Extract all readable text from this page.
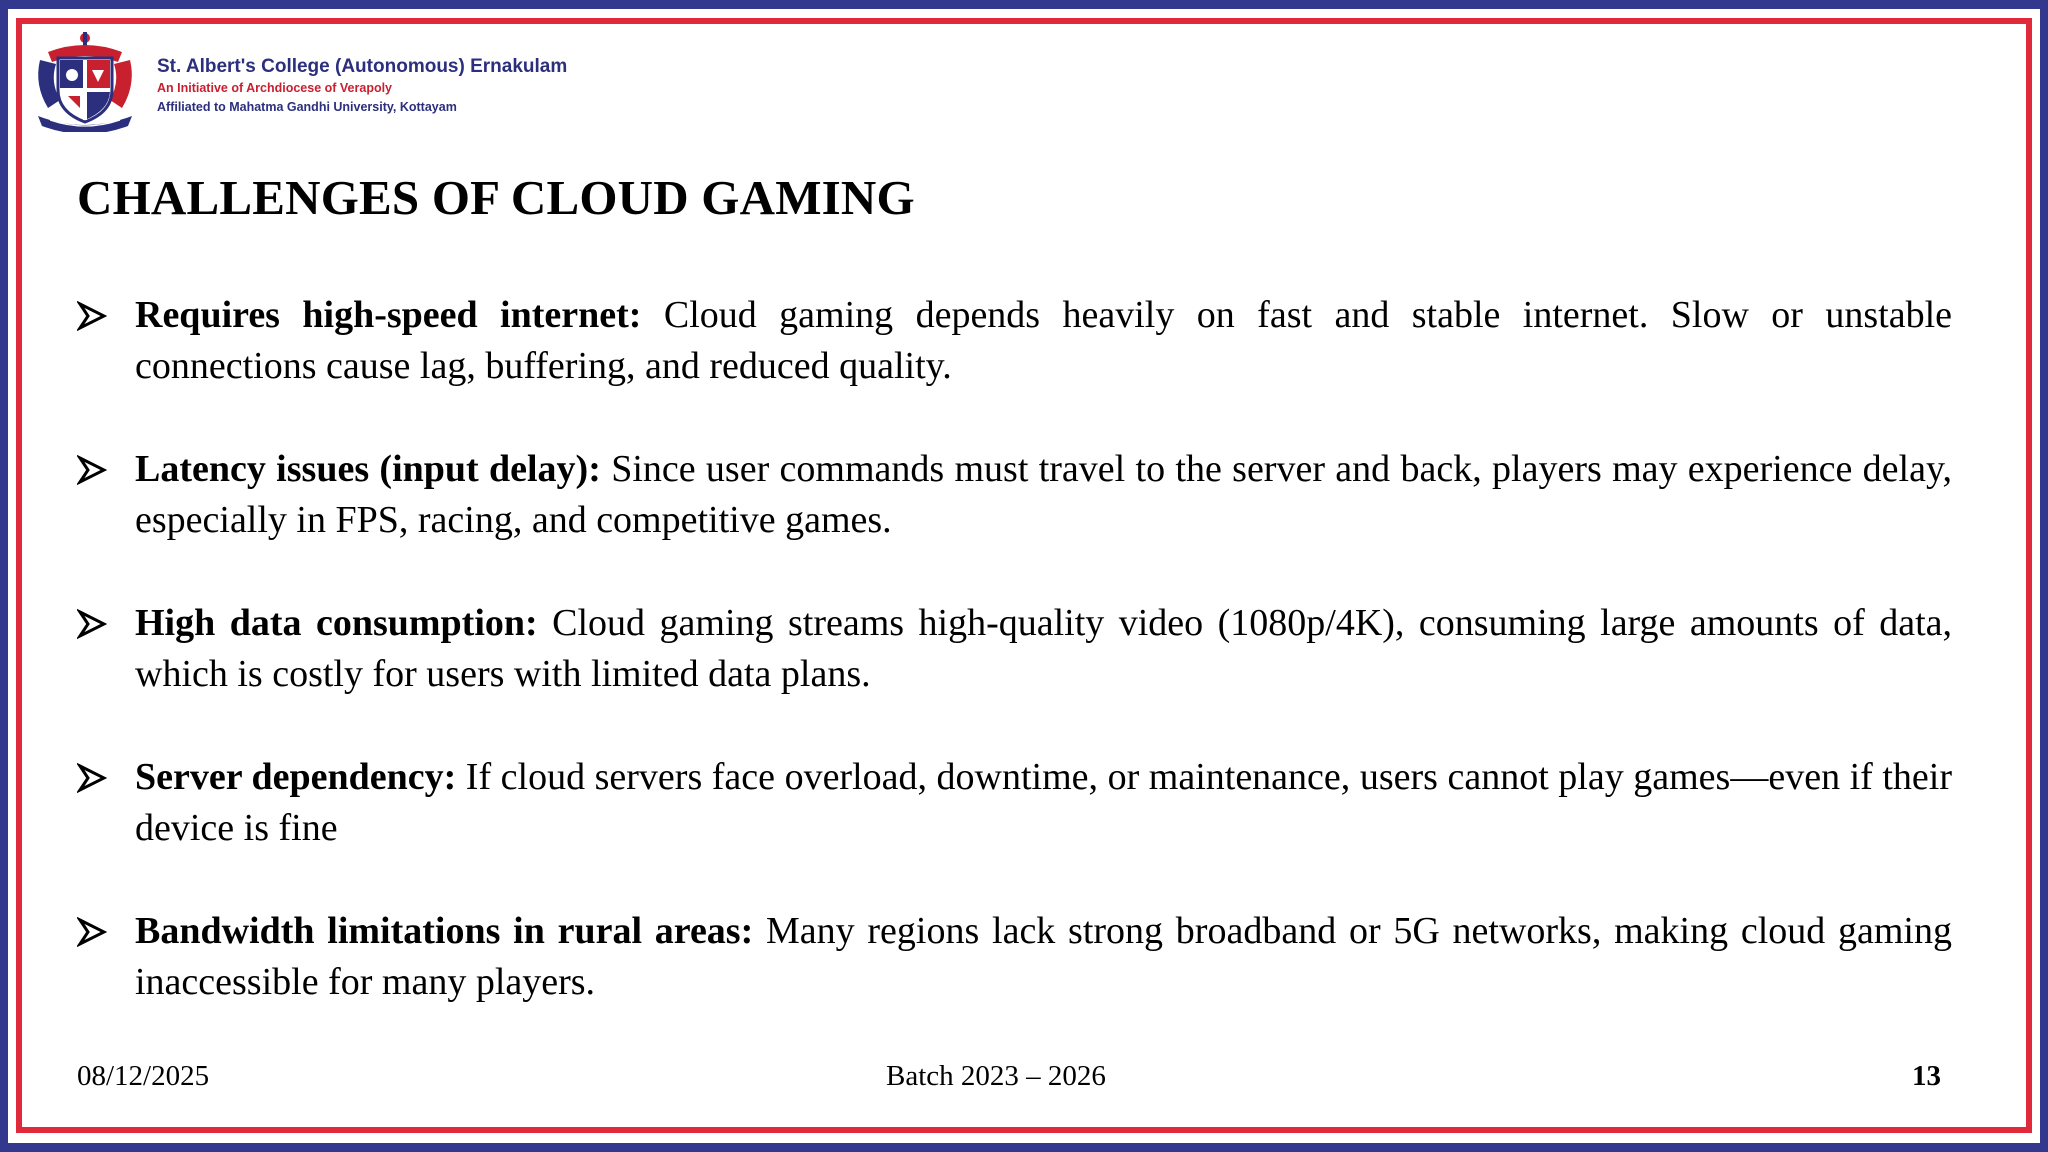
St. Albert's College (Autonomous) Ernakulam
An Initiative of Archdiocese of Verapoly
Affiliated to Mahatma Gandhi University, Kottayam
CHALLENGES OF CLOUD GAMING

Requires high-speed internet: Cloud gaming depends heavily on fast and stable internet. Slow or unstable connections cause lag, buffering, and reduced quality.

Latency issues (input delay): Since user commands must travel to the server and back, players may experience delay, especially in FPS, racing, and competitive games.

High data consumption: Cloud gaming streams high-quality video (1080p/4K), consuming large amounts of data, which is costly for users with limited data plans.

Server dependency: If cloud servers face overload, downtime, or maintenance, users cannot play games—even if their device is fine

Bandwidth limitations in rural areas: Many regions lack strong broadband or 5G networks, making cloud gaming inaccessible for many players.

08/12/2025	Batch 2023 – 2026	13
